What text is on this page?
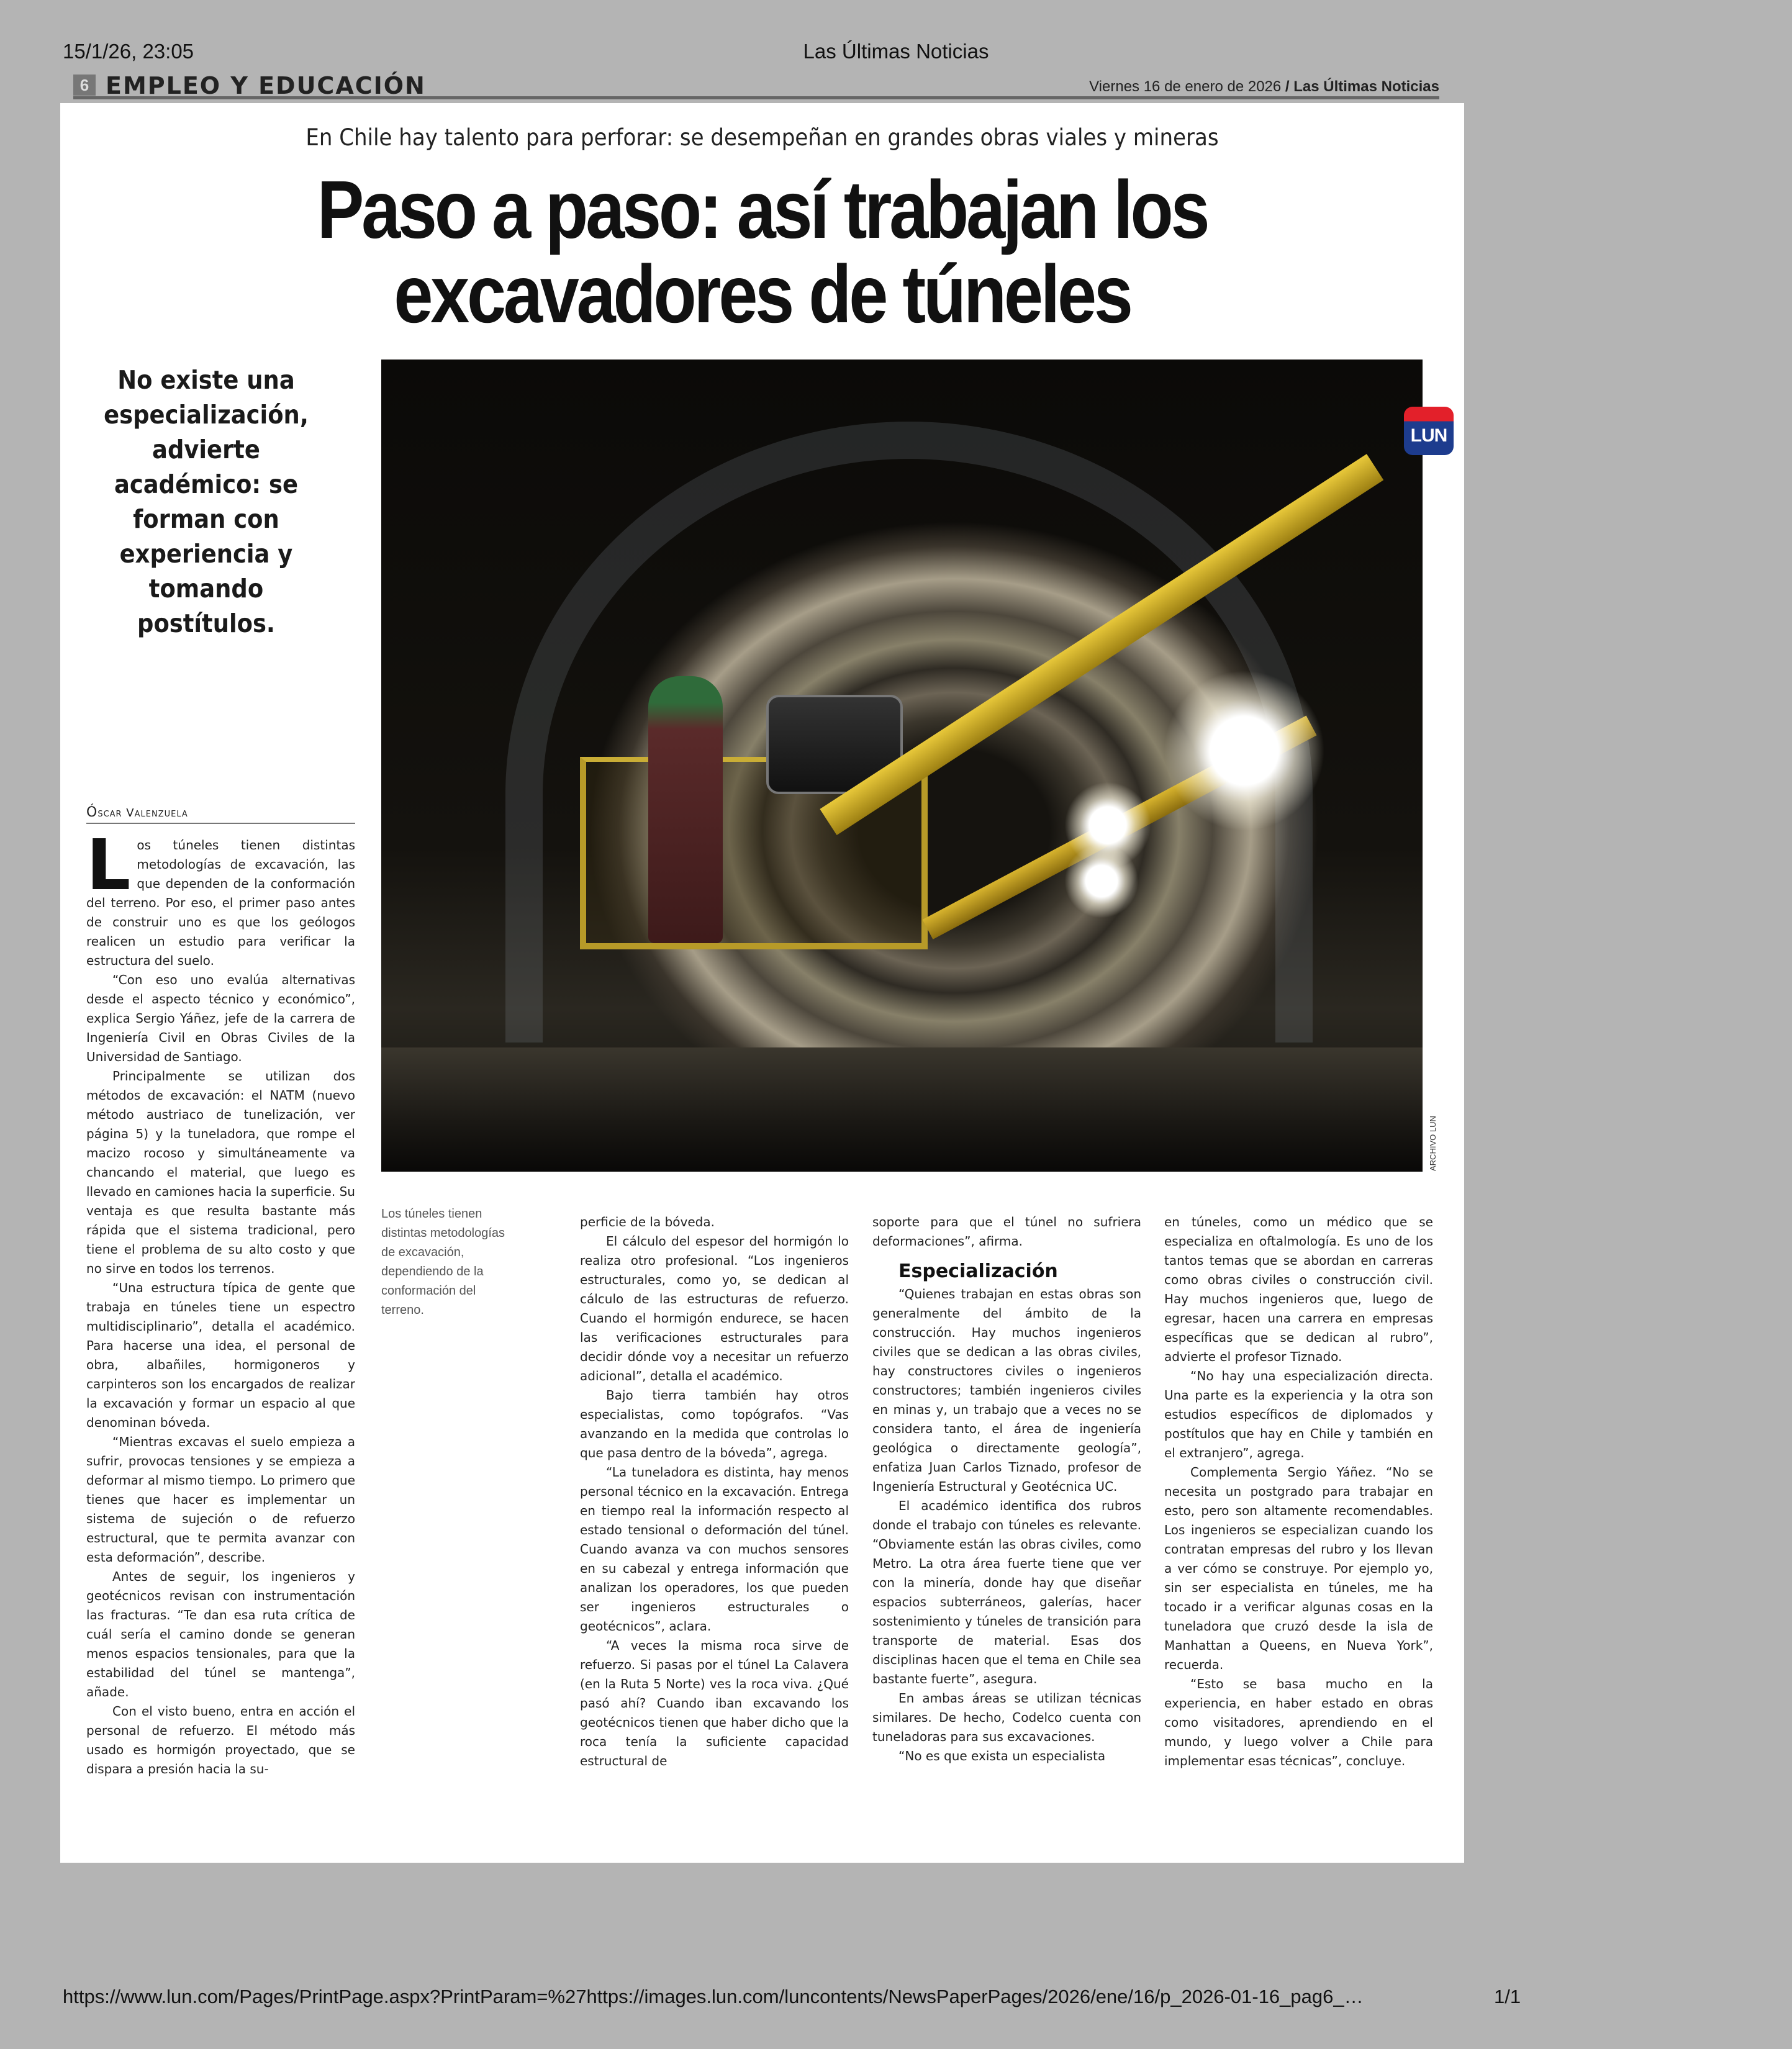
15/1/26, 23:05	Las Últimas Noticias
6 EMPLEO Y EDUCACIÓN	Viernes 16 de enero de 2026 / Las Últimas Noticias
En Chile hay talento para perforar: se desempeñan en grandes obras viales y mineras
Paso a paso: así trabajan los
excavadores de túneles
No existe una especialización, advierte académico: se forman con experiencia y tomando postítulos.
LUN
ARCHIVO LUN
Los túneles tienen distintas metodologías de excavación, dependiendo de la conformación del terreno.
Óscar Valenzuela

Los túneles tienen distintas metodologías de excavación, las que dependen de la conformación del terreno. Por eso, el primer paso antes de construir uno es que los geólogos realicen un estudio para verificar la estructura del suelo.

“Con eso uno evalúa alternativas desde el aspecto técnico y económico”, explica Sergio Yáñez, jefe de la carrera de Ingeniería Civil en Obras Civiles de la Universidad de Santiago.

Principalmente se utilizan dos métodos de excavación: el NATM (nuevo método austriaco de tunelización, ver página 5) y la tuneladora, que rompe el macizo rocoso y simultáneamente va chancando el material, que luego es llevado en camiones hacia la superficie. Su ventaja es que resulta bastante más rápida que el sistema tradicional, pero tiene el problema de su alto costo y que no sirve en todos los terrenos.

“Una estructura típica de gente que trabaja en túneles tiene un espectro multidisciplinario”, detalla el académico. Para hacerse una idea, el personal de obra, albañiles, hormigoneros y carpinteros son los encargados de realizar la excavación y formar un espacio al que denominan bóveda.

“Mientras excavas el suelo empieza a sufrir, provocas tensiones y se empieza a deformar al mismo tiempo. Lo primero que tienes que hacer es implementar un sistema de sujeción o de refuerzo estructural, que te permita avanzar con esta deformación”, describe.

Antes de seguir, los ingenieros y geotécnicos revisan con instrumentación las fracturas. “Te dan esa ruta crítica de cuál sería el camino donde se generan menos espacios tensionales, para que la estabilidad del túnel se mantenga”, añade.

Con el visto bueno, entra en acción el personal de refuerzo. El método más usado es hormigón proyectado, que se dispara a presión hacia la su-

perficie de la bóveda.

El cálculo del espesor del hormigón lo realiza otro profesional. “Los ingenieros estructurales, como yo, se dedican al cálculo de las estructuras de refuerzo. Cuando el hormigón endurece, se hacen las verificaciones estructurales para decidir dónde voy a necesitar un refuerzo adicional”, detalla el académico.

Bajo tierra también hay otros especialistas, como topógrafos. “Vas avanzando en la medida que controlas lo que pasa dentro de la bóveda”, agrega.

“La tuneladora es distinta, hay menos personal técnico en la excavación. Entrega en tiempo real la información respecto al estado tensional o deformación del túnel. Cuando avanza va con muchos sensores en su cabezal y entrega información que analizan los operadores, los que pueden ser ingenieros estructurales o geotécnicos”, aclara.

“A veces la misma roca sirve de refuerzo. Si pasas por el túnel La Calavera (en la Ruta 5 Norte) ves la roca viva. ¿Qué pasó ahí? Cuando iban excavando los geotécnicos tienen que haber dicho que la roca tenía la suficiente capacidad estructural de

soporte para que el túnel no sufriera deformaciones”, afirma.

Especialización

“Quienes trabajan en estas obras son generalmente del ámbito de la construcción. Hay muchos ingenieros civiles que se dedican a las obras civiles, hay constructores civiles o ingenieros constructores; también ingenieros civiles en minas y, un trabajo que a veces no se considera tanto, el área de ingeniería geológica o directamente geología”, enfatiza Juan Carlos Tiznado, profesor de Ingeniería Estructural y Geotécnica UC.

El académico identifica dos rubros donde el trabajo con túneles es relevante. “Obviamente están las obras civiles, como Metro. La otra área fuerte tiene que ver con la minería, donde hay que diseñar espacios subterráneos, galerías, hacer sostenimiento y túneles de transición para transporte de material. Esas dos disciplinas hacen que el tema en Chile sea bastante fuerte”, asegura.

En ambas áreas se utilizan técnicas similares. De hecho, Codelco cuenta con tuneladoras para sus excavaciones.

“No es que exista un especialista

en túneles, como un médico que se especializa en oftalmología. Es uno de los tantos temas que se abordan en carreras como obras civiles o construcción civil. Hay muchos ingenieros que, luego de egresar, hacen una carrera en empresas específicas que se dedican al rubro”, advierte el profesor Tiznado.

“No hay una especialización directa. Una parte es la experiencia y la otra son estudios específicos de diplomados y postítulos que hay en Chile y también en el extranjero”, agrega.

Complementa Sergio Yáñez. “No se necesita un postgrado para trabajar en esto, pero son altamente recomendables. Los ingenieros se especializan cuando los contratan empresas del rubro y los llevan a ver cómo se construye. Por ejemplo yo, sin ser especialista en túneles, me ha tocado ir a verificar algunas cosas en la tuneladora que cruzó desde la isla de Manhattan a Queens, en Nueva York”, recuerda.

“Esto se basa mucho en la experiencia, en haber estado en obras como visitadores, aprendiendo en el mundo, y luego volver a Chile para implementar esas técnicas”, concluye.

https://www.lun.com/Pages/PrintPage.aspx?PrintParam=%27https://images.lun.com/luncontents/NewsPaperPages/2026/ene/16/p_2026-01-16_pag6_…	1/1
